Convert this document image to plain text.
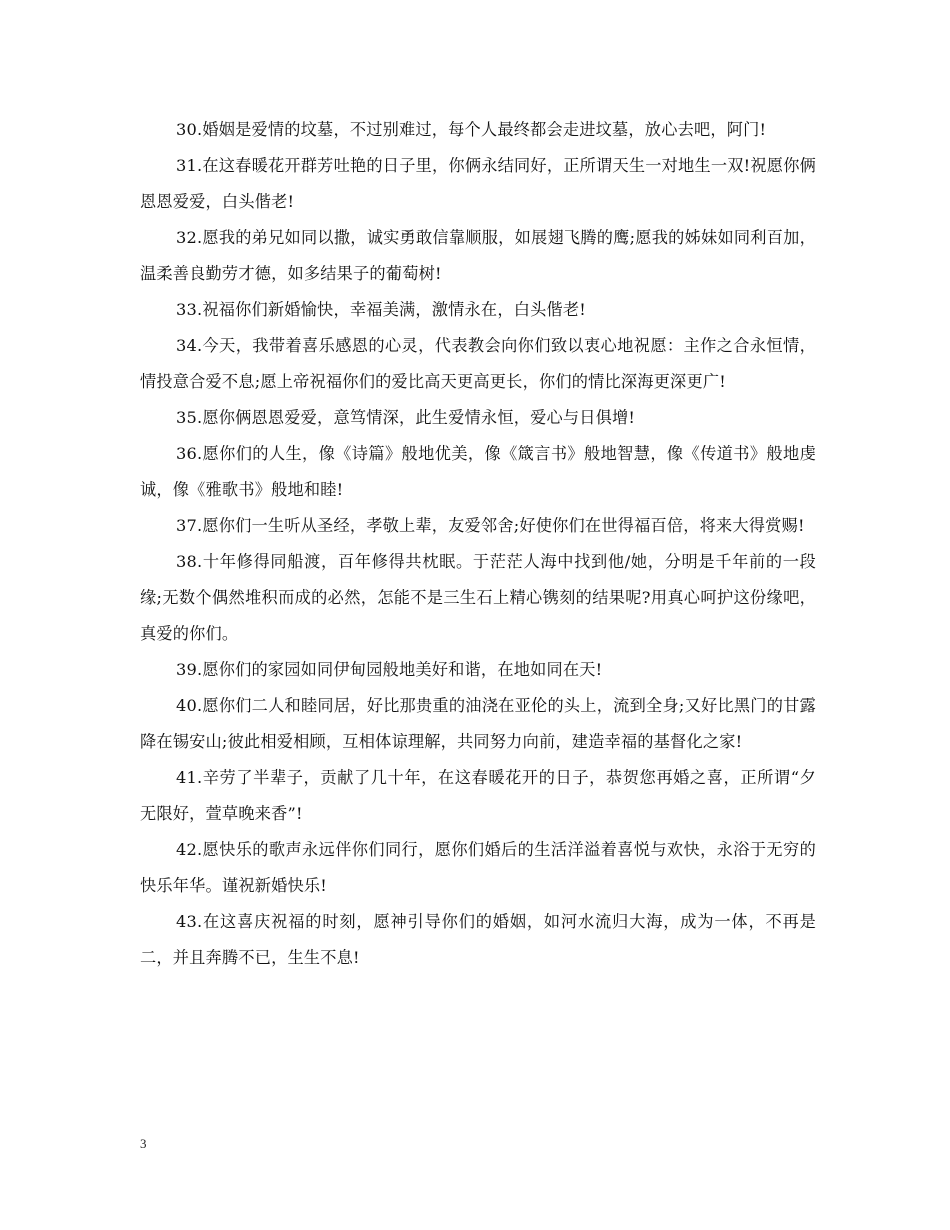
30.婚姻是爱情的坟墓，不过别难过，每个人最终都会走进坟墓，放心去吧，阿门!

31.在这春暖花开群芳吐艳的日子里，你俩永结同好，正所谓天生一对地生一双!祝愿你俩恩恩爱爱，白头偕老!

32.愿我的弟兄如同以撒，诚实勇敢信靠顺服，如展翅飞腾的鹰;愿我的姊妹如同利百加，温柔善良勤劳才德，如多结果子的葡萄树!

33.祝福你们新婚愉快，幸福美满，激情永在，白头偕老!

34.今天，我带着喜乐感恩的心灵，代表教会向你们致以衷心地祝愿：主作之合永恒情，情投意合爱不息;愿上帝祝福你们的爱比高天更高更长，你们的情比深海更深更广!

35.愿你俩恩恩爱爱，意笃情深，此生爱情永恒，爱心与日俱增!

36.愿你们的人生，像《诗篇》般地优美，像《箴言书》般地智慧，像《传道书》般地虔诚，像《雅歌书》般地和睦!

37.愿你们一生听从圣经，孝敬上辈，友爱邻舍;好使你们在世得福百倍，将来大得赏赐!

38.十年修得同船渡，百年修得共枕眠。于茫茫人海中找到他/她，分明是千年前的一段缘;无数个偶然堆积而成的必然，怎能不是三生石上精心镌刻的结果呢?用真心呵护这份缘吧，真爱的你们。

39.愿你们的家园如同伊甸园般地美好和谐，在地如同在天!

40.愿你们二人和睦同居，好比那贵重的油浇在亚伦的头上，流到全身;又好比黑门的甘露降在锡安山;彼此相爱相顾，互相体谅理解，共同努力向前，建造幸福的基督化之家!

41.辛劳了半辈子，贡献了几十年，在这春暖花开的日子，恭贺您再婚之喜，正所谓“夕无限好，萱草晚来香”!

42.愿快乐的歌声永远伴你们同行，愿你们婚后的生活洋溢着喜悦与欢快，永浴于无穷的快乐年华。谨祝新婚快乐!

43.在这喜庆祝福的时刻，愿神引导你们的婚姻，如河水流归大海，成为一体，不再是二，并且奔腾不已，生生不息!

3
